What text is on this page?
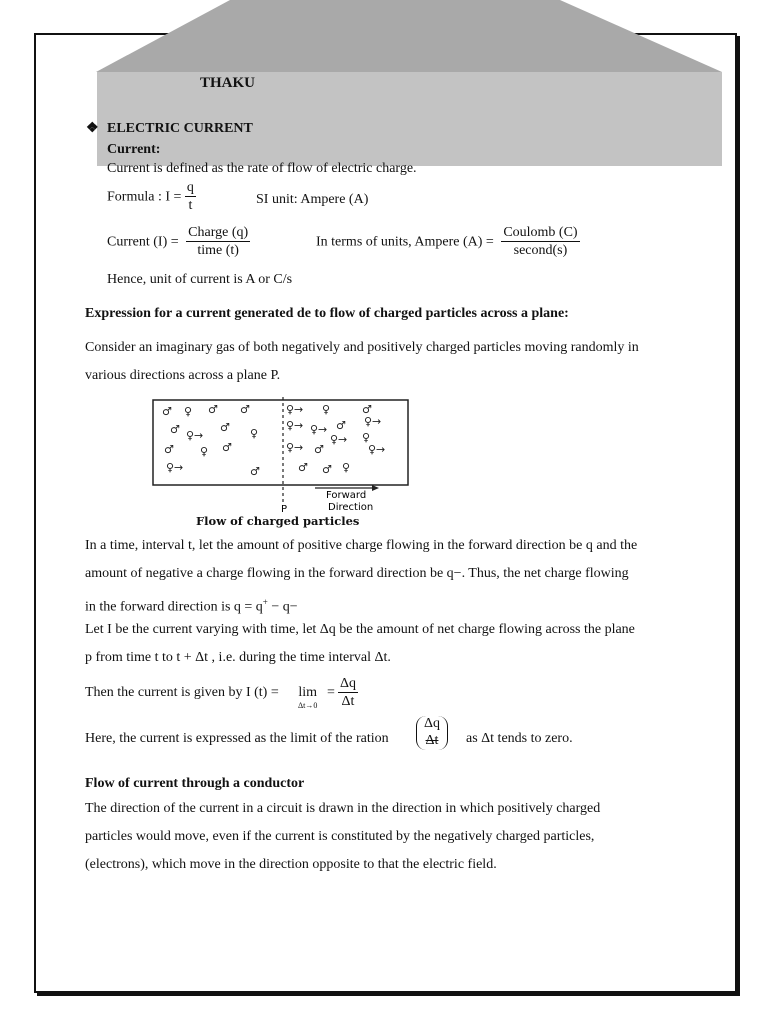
THAKU
❖ ELECTRIC CURRENT
Current:
Current is defined as the rate of flow of electric charge.
Formula : $I = \frac{q}{t}$	SI unit: Ampere (A)
Current $(I) = \frac{\text{Charge (q)}}{\text{time (t)}}$	In terms of units, Ampere $(A) = \frac{\text{Coulomb (C)}}{\text{second(s)}}$
Hence, unit of current is A or C/s
Expression for a current generated de to flow of charged particles across a plane:
Consider an imaginary gas of both negatively and positively charged particles moving randomly in
various directions across a plane P.
♂ ♀ ♂ ♂
♂ ♀→
♂ ♀
♂ ♀ ♂
♀→	♂
♀→ ♀	♂
♀→ ♀→ ♂ ♀→
♀→ ♀
♀→ ♂	♀→
♂ ♂ ♀
P
Forward
Direction
Flow of charged particles
In a time, interval t, let the amount of positive charge flowing in the forward direction be q and the
amount of negative a charge flowing in the forward direction be q−. Thus, the net charge flowing
in the forward direction is q = q+ − q−
Let I be the current varying with time, let Δq be the amount of net charge flowing across the plane
p from time t to t + Δt , i.e. during the time interval Δt.
Then the current is given by I (t) = lim
Δt→0
= $\frac{\Delta q}{\Delta t}$
Here, the current is expressed as the limit of the ration
Δq
Δt as Δt tends to zero.
Flow of current through a conductor
The direction of the current in a circuit is drawn in the direction in which positively charged
particles would move, even if the current is constituted by the negatively charged particles,
(electrons), which move in the direction opposite to that the electric field.
